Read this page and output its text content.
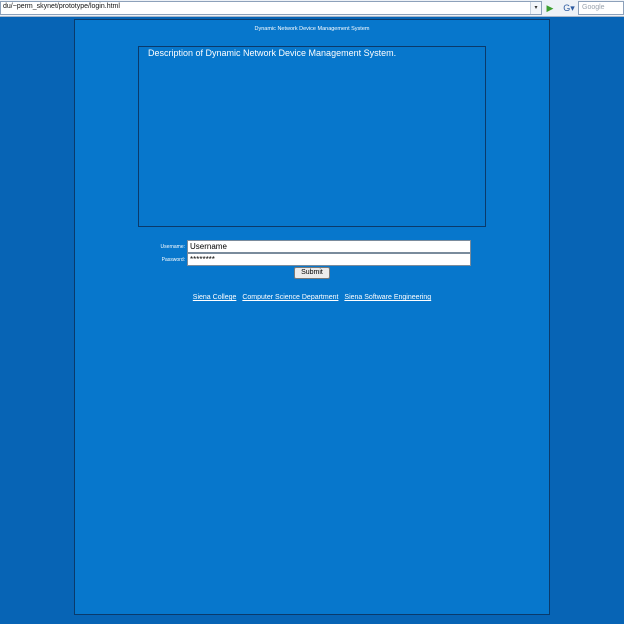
du/~perm_skynet/prototype/login.html	▾	▶	G▾	Google
Dynamic Network Device Management System
Description of Dynamic Network Device Management System.
Username: Username
Password: ********
Submit
Siena College Computer Science Department Siena Software Engineering
